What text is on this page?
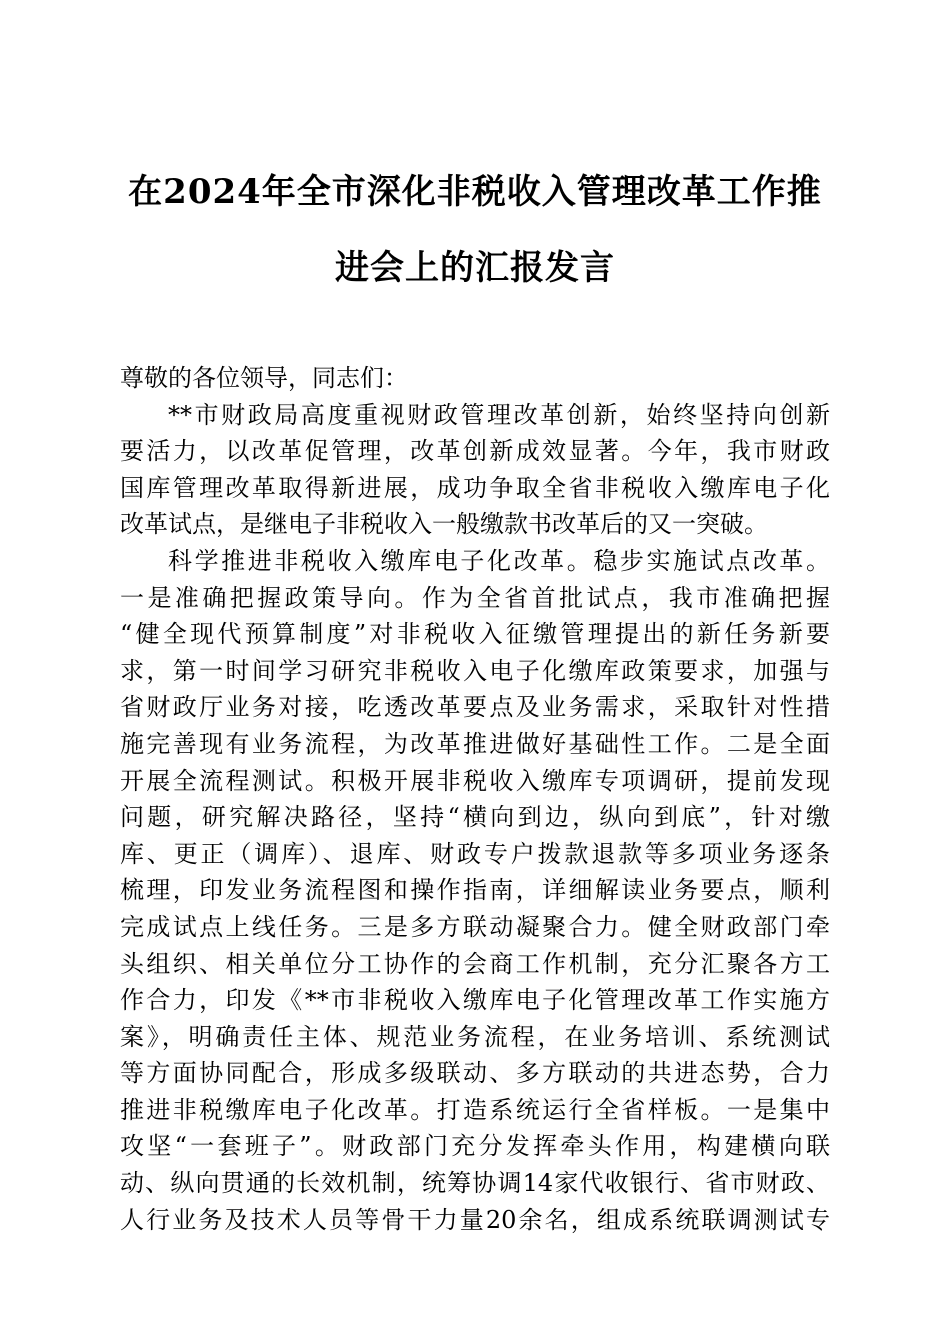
在2024年全市深化非税收入管理改革工作推
进会上的汇报发言
尊敬的各位领导，同志们：
**市财政局高度重视财政管理改革创新，始终坚持向创新
要活力，以改革促管理，改革创新成效显著。今年，我市财政
国库管理改革取得新进展，成功争取全省非税收入缴库电子化
改革试点，是继电子非税收入一般缴款书改革后的又一突破。
科学推进非税收入缴库电子化改革。稳步实施试点改革。
一是准确把握政策导向。作为全省首批试点，我市准确把握
“健全现代预算制度”对非税收入征缴管理提出的新任务新要
求，第一时间学习研究非税收入电子化缴库政策要求，加强与
省财政厅业务对接，吃透改革要点及业务需求，采取针对性措
施完善现有业务流程，为改革推进做好基础性工作。二是全面
开展全流程测试。积极开展非税收入缴库专项调研，提前发现
问题，研究解决路径，坚持“横向到边，纵向到底”，针对缴
库、更正（调库）、退库、财政专户拨款退款等多项业务逐条
梳理，印发业务流程图和操作指南，详细解读业务要点，顺利
完成试点上线任务。三是多方联动凝聚合力。健全财政部门牵
头组织、相关单位分工协作的会商工作机制，充分汇聚各方工
作合力，印发《**市非税收入缴库电子化管理改革工作实施方
案》，明确责任主体、规范业务流程，在业务培训、系统测试
等方面协同配合，形成多级联动、多方联动的共进态势，合力
推进非税缴库电子化改革。打造系统运行全省样板。一是集中
攻坚“一套班子”。财政部门充分发挥牵头作用，构建横向联
动、纵向贯通的长效机制，统筹协调14家代收银行、省市财政、
人行业务及技术人员等骨干力量20余名，组成系统联调测试专
